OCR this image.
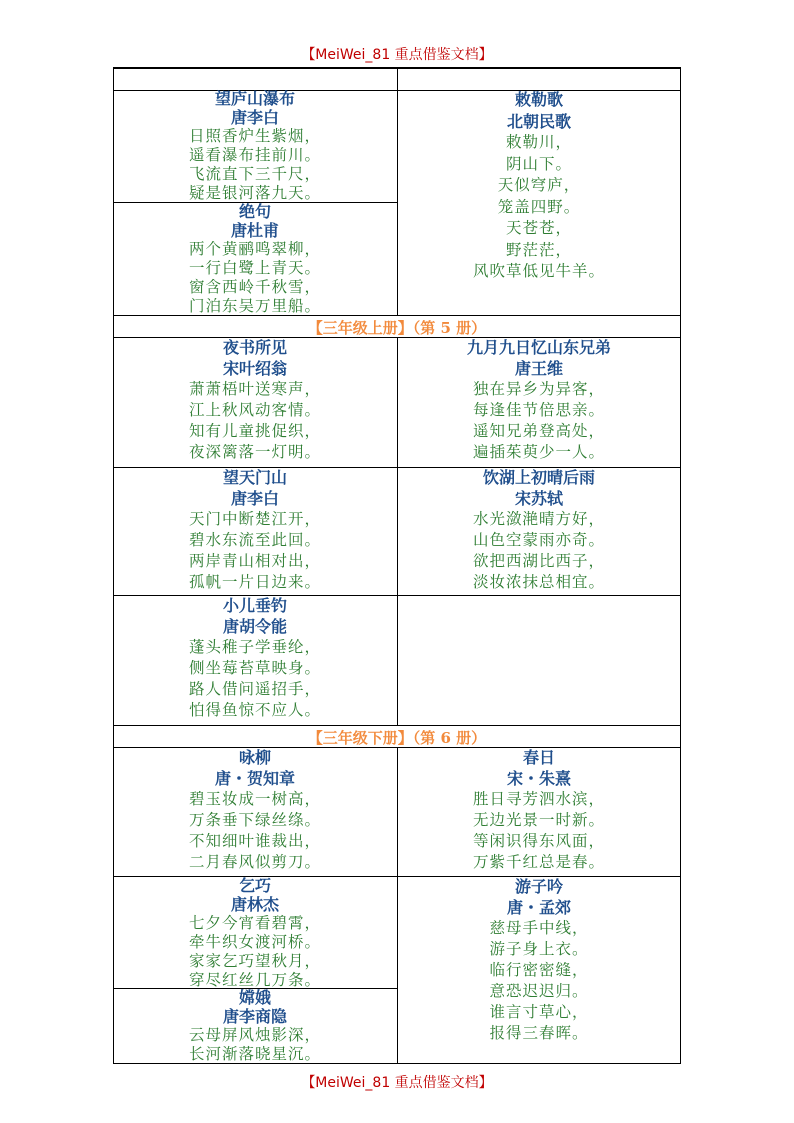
【MeiWei_81 重点借鉴文档】
【三年级上册】（第 5 册）
【三年级下册】（第 6 册）
望庐山瀑布
唐李白
日照香炉生紫烟，
遥看瀑布挂前川。
飞流直下三千尺，
疑是银河落九天。
敕勒歌
北朝民歌
敕勒川，
阴山下。
天似穹庐，
笼盖四野。
天苍苍，
野茫茫，
风吹草低见牛羊。
绝句
唐杜甫
两个黄鹂鸣翠柳，
一行白鹭上青天。
窗含西岭千秋雪，
门泊东吴万里船。
夜书所见
宋叶绍翁
萧萧梧叶送寒声，
江上秋风动客情。
知有儿童挑促织，
夜深篱落一灯明。
九月九日忆山东兄弟
唐王维
独在异乡为异客，
每逢佳节倍思亲。
遥知兄弟登高处，
遍插茱萸少一人。
望天门山
唐李白
天门中断楚江开，
碧水东流至此回。
两岸青山相对出，
孤帆一片日边来。
饮湖上初晴后雨
宋苏轼
水光潋滟晴方好，
山色空蒙雨亦奇。
欲把西湖比西子，
淡妆浓抹总相宜。
小儿垂钓
唐胡令能
蓬头稚子学垂纶，
侧坐莓苔草映身。
路人借问遥招手，
怕得鱼惊不应人。
咏柳
唐・贺知章
碧玉妆成一树高，
万条垂下绿丝绦。
不知细叶谁裁出，
二月春风似剪刀。
春日
宋・朱熹
胜日寻芳泗水滨，
无边光景一时新。
等闲识得东风面，
万紫千红总是春。
乞巧
唐林杰
七夕今宵看碧霄，
牵牛织女渡河桥。
家家乞巧望秋月，
穿尽红丝几万条。
游子吟
唐・孟郊
慈母手中线，
游子身上衣。
临行密密缝，
意恐迟迟归。
谁言寸草心，
报得三春晖。
嫦娥
唐李商隐
云母屏风烛影深，
长河渐落晓星沉。
【MeiWei_81 重点借鉴文档】
